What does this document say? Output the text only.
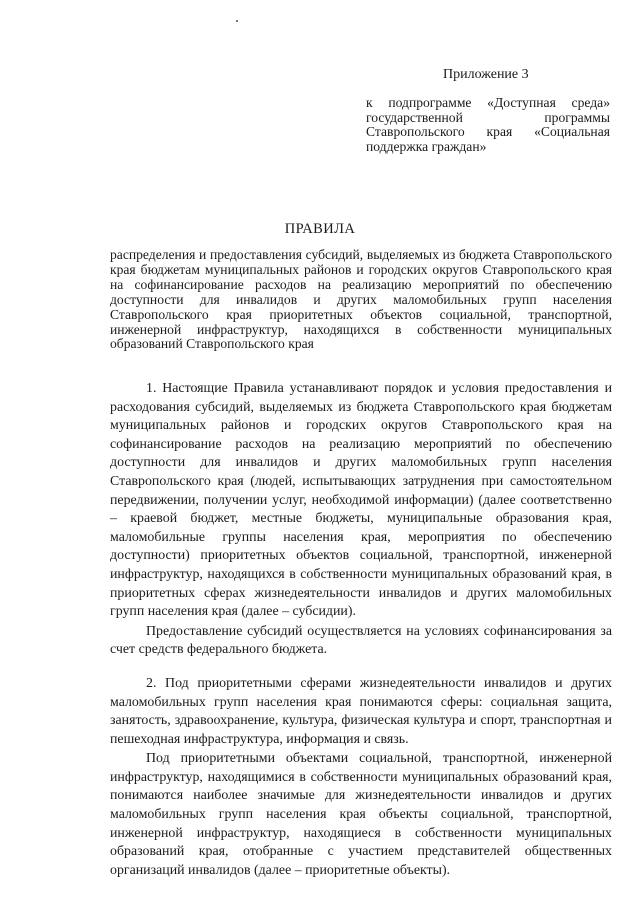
Приложение 3
к подпрограмме «Доступная среда» государственной программы Ставропольского края «Социальная поддержка граждан»
ПРАВИЛА
распределения и предоставления субсидий, выделяемых из бюджета Ставропольского края бюджетам муниципальных районов и городских округов Ставропольского края на софинансирование расходов на реализацию мероприятий по обеспечению доступности для инвалидов и других маломобильных групп населения Ставропольского края приоритетных объектов социальной, транспортной, инженерной инфраструктур, находящихся в собственности муниципальных образований Ставропольского края

1. Настоящие Правила устанавливают порядок и условия предоставления и расходования субсидий, выделяемых из бюджета Ставропольского края бюджетам муниципальных районов и городских округов Ставропольского края на софинансирование расходов на реализацию мероприятий по обеспечению доступности для инвалидов и других маломобильных групп населения Ставропольского края (людей, испытывающих затруднения при самостоятельном передвижении, получении услуг, необходимой информации) (далее соответственно – краевой бюджет, местные бюджеты, муниципальные образования края, маломобильные группы населения края, мероприятия по обеспечению доступности) приоритетных объектов социальной, транспортной, инженерной инфраструктур, находящихся в собственности муниципальных образований края, в приоритетных сферах жизнедеятельности инвалидов и других маломобильных групп населения края (далее – субсидии).

Предоставление субсидий осуществляется на условиях софинансирования за счет средств федерального бюджета.

2. Под приоритетными сферами жизнедеятельности инвалидов и других маломобильных групп населения края понимаются сферы: социальная защита, занятость, здравоохранение, культура, физическая культура и спорт, транспортная и пешеходная инфраструктура, информация и связь.

Под приоритетными объектами социальной, транспортной, инженерной инфраструктур, находящимися в собственности муниципальных образований края, понимаются наиболее значимые для жизнедеятельности инвалидов и других маломобильных групп населения края объекты социальной, транспортной, инженерной инфраструктур, находящиеся в собственности муниципальных образований края, отобранные с участием представителей общественных организаций инвалидов (далее – приоритетные объекты).
